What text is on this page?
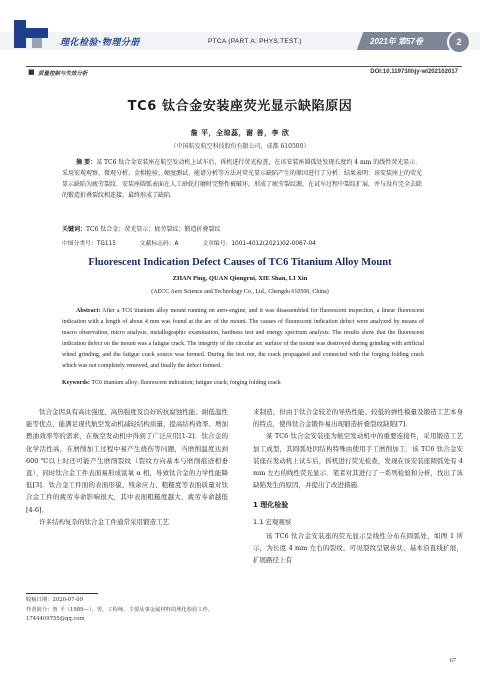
理化检验·物理分册	PTCA (PART A: PHYS.TEST.)	2021年 第57卷	2
■ 质量控制与失效分析	DOI:10.11973/lhjy-wl202102017
TC6 钛合金安装座荧光显示缺陷原因
詹 平，全琼蕊，谢 善，李 欣
（中国航发航空科技股份有限公司，成都 610500）
摘 要：某 TC6 钛合金安装座在航空发动机上试车后，拆机进行荧光检查，在该安装座圆孤处发现长度约 4 mm 的线性荧光显示．采用宏观观察、微观分析、金相检验、硬度测试、能谱分析等方法对荧光显示缺陷产生的原因进行了分析．结果表明：该安装座上的荧光显示缺陷为疲劳裂纹．安装座圆弧表面在人工砂轮打磨时完整性被破坏，形成了疲劳裂纹源，在试车过程中裂纹扩展，并与没有完全去除的锻造折叠裂纹相连接，最终形成了缺陷．
关键词：TC6 钛合金；荧光显示；疲劳裂纹；锻造折叠裂纹
中图分类号：TG115	文献标志码：A	文章编号：1001-4012(2021)02-0067-04
Fluorescent Indication Defect Causes of TC6 Titanium Alloy Mount
ZHAN Ping, QUAN Qiongrui, XIE Shan, LI Xin
(AECC Aero Science and Technology Co., Ltd., Chengdu 610500, China)
Abstract: After a TC6 titanium alloy mount running on aero-engine, and it was disassembled for fluorescent inspection, a linear fluorescent indication with a length of about 4 mm was found at the arc of the mount. The causes of fluorescent indication defect were analyzed by means of macro observation, micro analysis, metallographic examination, hardness test and energy spectrum analysis. The results show that the fluorescent indication defect on the mount was a fatigue crack. The integrity of the circular arc surface of the mount was destroyed during grinding with artificial wheel grinding, and the fatigue crack source was formed. During the test run, the crack propagated and connected with the forging folding crack which was not completely removed, and finally the defect formed.
Keywords: TC6 titanium alloy; fluorescent indication; fatigue crack; forging folding crack

钛合金因具有高比强度、高热强度及良好的抗腐蚀性能、耐低温性能等优点，能满足现代航空发动机减轻结构质量、提高结构效率、增加燃油效率等的需求，在航空发动机中得到了广泛应用[1-2]．钛合金的化学活性高，在磨削加工过程中易产生烧伤等问题，当磨削温度达到 600 ℃以上时还可能产生磨削裂纹（裂纹方向基本与磨削痕迹相垂直），同时钛合金工件表面易形成富氧 α 相，导致钛合金的力学性能降低[3]．钛合金工件面的表面形貌、残余应力、粗糙度等表面质量对钛合金工件的疲劳寿命影响很大，其中表面粗糙度越大，疲劳寿命越低[4-6]．

许多结构复杂的钛合金工件通常采用锻造工艺

来制造，但由于钛合金较差的导热性能、较低的弹性模量及锻造工艺本身的特点，使得钛合金锻件易出现锻造折叠裂纹缺陷[7]．

某 TC6 钛合金安装座为航空发动机中的重要连接件，采用锻造工艺加工成型，其圆弧处因结构特殊由使用手工磨削加工．该 TC6 钛合金安装座在发动机上试车后，拆机进行荧光检查，发现在该安装座圆弧处有 4 mm 左右的线性荧光显示．笔者对其进行了一系列检验和分析，找出了该缺陷发生的原因，并提出了改进措施．

1 理化检验
1.1 宏观观察

该 TC6 钛合金安装座的荧光显示呈线性分布在圆弧处，如图 1 所示，为长度 4 mm 左右的裂纹，可见裂纹呈锯齿状，基本沿直线扩展，扩展路径上有

收稿日期：2020-07-09
作者简介：詹 平（1989—），男，工程师，主要从事金属材料的理化检验工作，1744409755@qq.com
67
